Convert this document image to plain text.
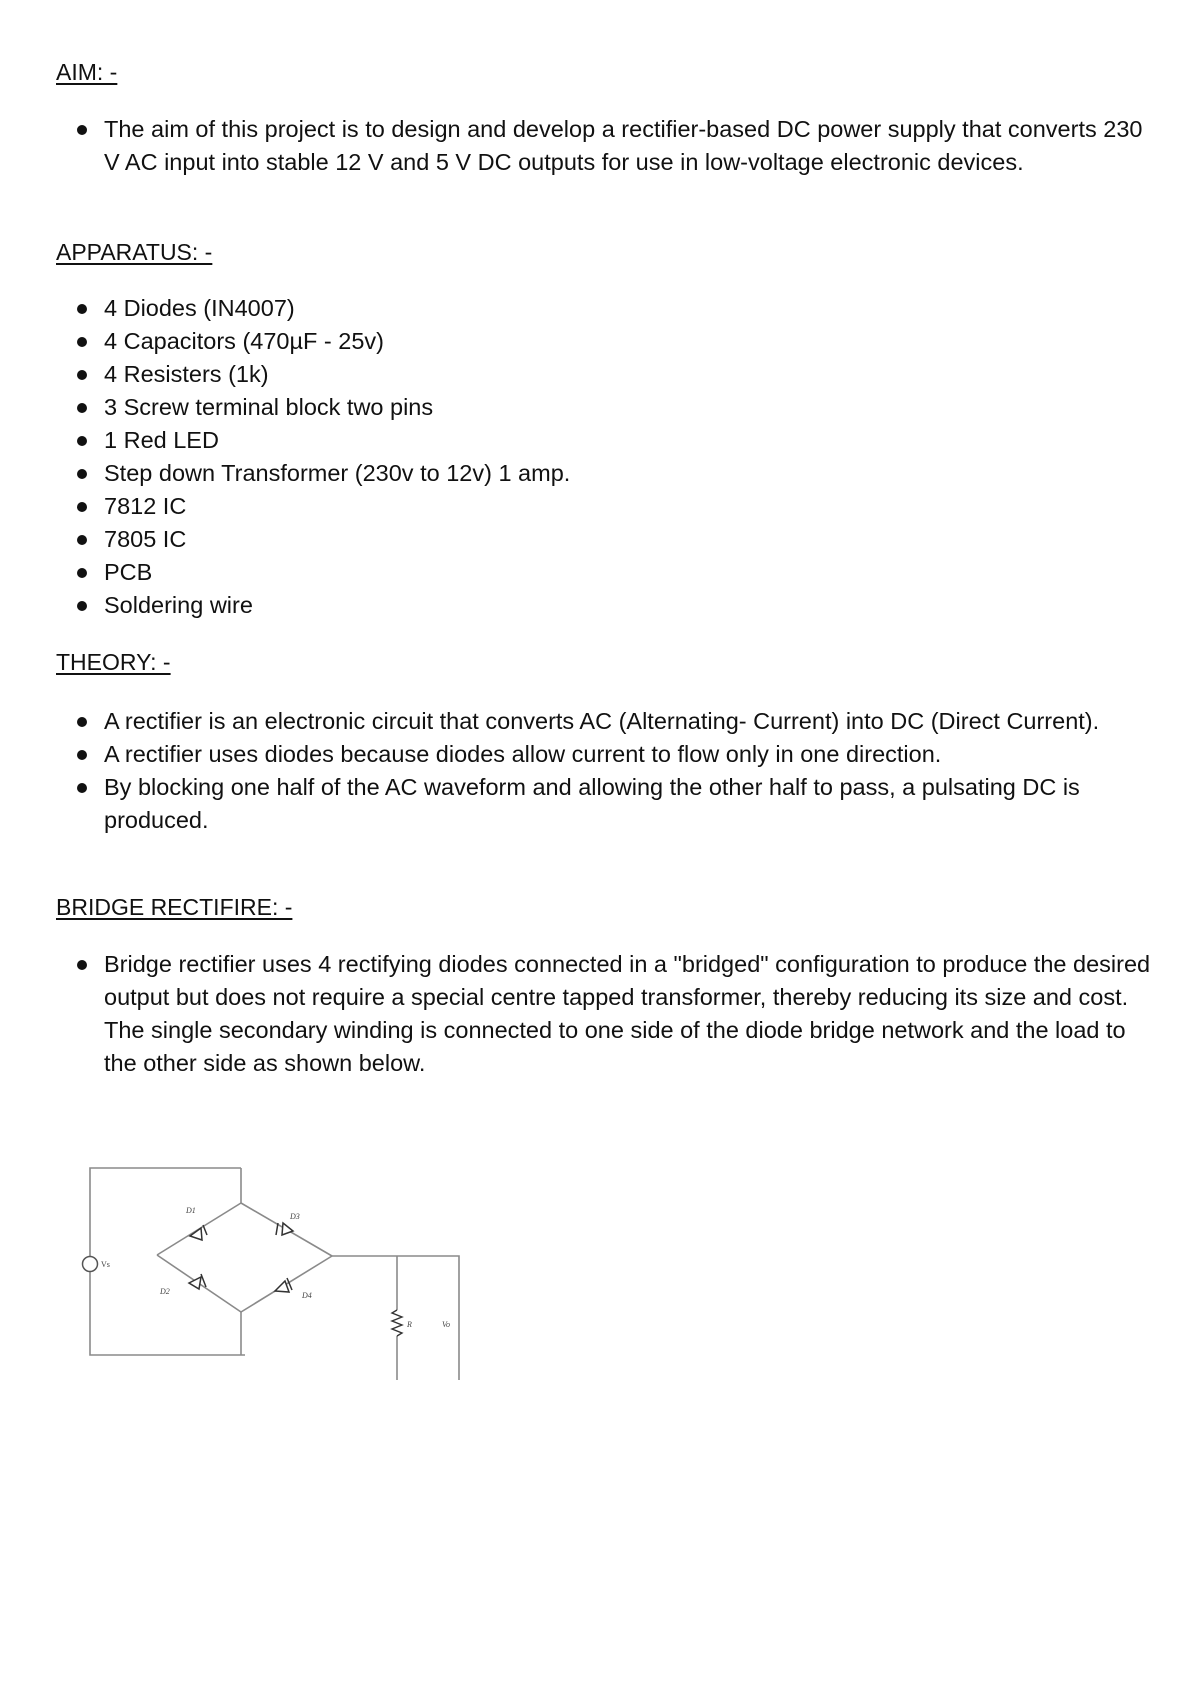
AIM: -
The aim of this project is to design and develop a rectifier-based DC power supply that converts 230 V AC input into stable 12 V and 5 V DC outputs for use in low-voltage electronic devices.
APPARATUS: -
4 Diodes (IN4007)
4 Capacitors (470µF - 25v)
4 Resisters (1k)
3 Screw terminal block two pins
1 Red LED
Step down Transformer (230v to 12v) 1 amp.
7812 IC
7805 IC
PCB
Soldering wire
THEORY: -
A rectifier is an electronic circuit that converts AC (Alternating- Current) into DC (Direct Current).
A rectifier uses diodes because diodes allow current to flow only in one direction.
By blocking one half of the AC waveform and allowing the other half to pass, a pulsating DC is produced.
BRIDGE RECTIFIRE: -
Bridge rectifier uses 4 rectifying diodes connected in a "bridged" configuration to produce the desired output but does not require a special centre tapped transformer, thereby reducing its size and cost. The single secondary winding is connected to one side of the diode bridge network and the load to the other side as shown below.
Vs
D1
D3
D2	D4
R	Vo
